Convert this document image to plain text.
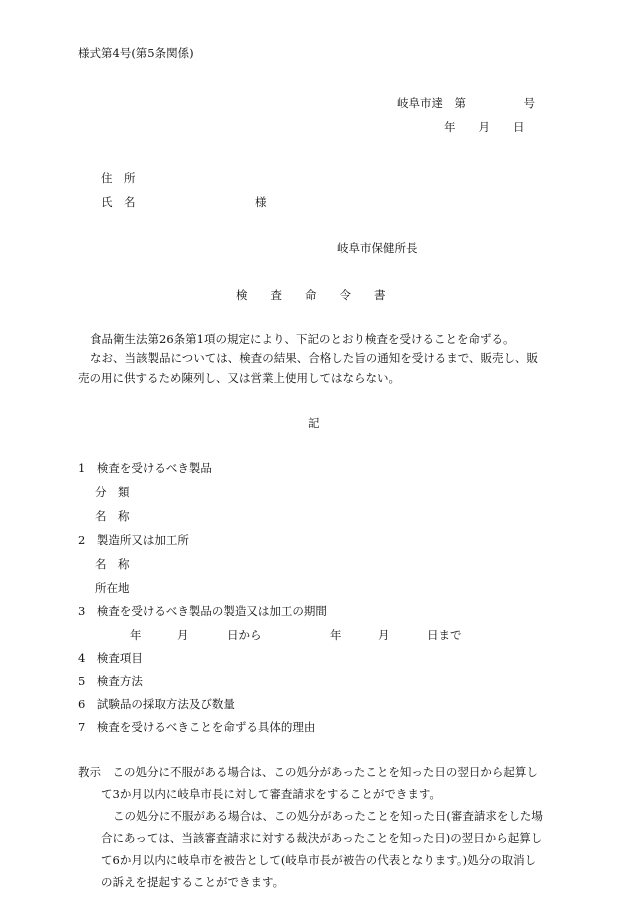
様式第4号(第5条関係)
岐阜市達　第　　　　　号
年　　月　　日
住　所
氏　名	様
岐阜市保健所長
検　　査　　命　　令　　書
食品衛生法第26条第1項の規定により、下記のとおり検査を受けることを命ずる。
なお、当該製品については、検査の結果、合格した旨の通知を受けるまで、販売し、販
売の用に供するため陳列し、又は営業上使用してはならない。
記
1　検査を受けるべき製品
分　類
名　称
2　製造所又は加工所
名　称
所在地
3　検査を受けるべき製品の製造又は加工の期間
年	月	日から	年	月	日まで
4　検査項目
5　検査方法
6　試験品の採取方法及び数量
7　検査を受けるべきことを命ずる具体的理由
教示　この処分に不服がある場合は、この処分があったことを知った日の翌日から起算し
て3か月以内に岐阜市長に対して審査請求をすることができます。
この処分に不服がある場合は、この処分があったことを知った日(審査請求をした場
合にあっては、当該審査請求に対する裁決があったことを知った日)の翌日から起算し
て6か月以内に岐阜市を被告として(岐阜市長が被告の代表となります。)処分の取消し
の訴えを提起することができます。
